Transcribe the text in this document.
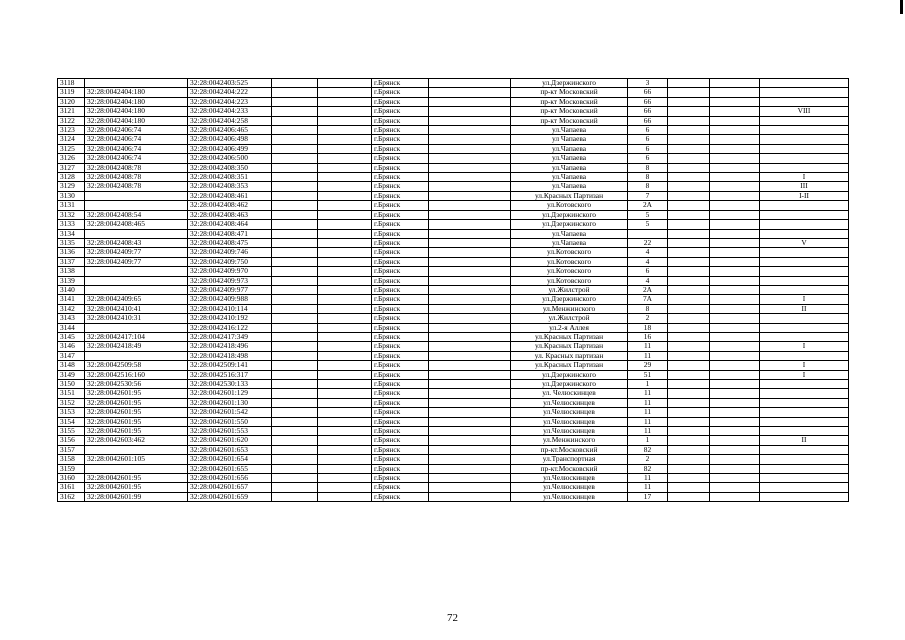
3118		32:28:0042403:525			г.Брянск		ул.Дзержинского	3			
3119	32:28:0042404:180	32:28:0042404:222			г.Брянск		пр-кт Московский	66			
3120	32:28:0042404:180	32:28:0042404:223			г.Брянск		пр-кт Московский	66			
3121	32:28:0042404:180	32:28:0042404:233			г.Брянск		пр-кт Московский	66			VIII
3122	32:28:0042404:180	32:28:0042404:258			г.Брянск		пр-кт Московский	66			
3123	32:28:0042406:74	32:28:0042406:465			г.Брянск		ул.Чапаева	6			
3124	32:28:0042406:74	32:28:0042406:498			г.Брянск		ул Чапаева	6			
3125	32:28:0042406:74	32:28:0042406:499			г.Брянск		ул.Чапаева	6			
3126	32:28:0042406:74	32:28:0042406:500			г.Брянск		ул.Чапаева	6			
3127	32:28:0042408:78	32:28:0042408:350			г.Брянск		ул.Чапаева	8			
3128	32:28:0042408:78	32:28:0042408:351			г.Брянск		ул.Чапаева	8			I
3129	32:28:0042408:78	32:28:0042408:353			г.Брянск		ул.Чапаева	8			III
3130		32:28:0042408:461			г.Брянск		ул.Красных Партизан	7			I-II
3131		32:28:0042408:462			г.Брянск		ул.Котовского	2А			
3132	32:28:0042408:54	32:28:0042408:463			г.Брянск		ул.Дзержинского	5			
3133	32:28:0042408:465	32:28:0042408:464			г.Брянск		ул.Дзержинского	5			
3134		32:28:0042408:471			г.Брянск		ул.Чапаева				
3135	32:28:0042408:43	32:28:0042408:475			г.Брянск		ул.Чапаева	22			V
3136	32:28:0042409:77	32:28:0042409:746			г.Брянск		ул.Котовского	4			
3137	32:28:0042409:77	32:28:0042409:750			г.Брянск		ул.Котовского	4			
3138		32:28:0042409:970			г.Брянск		ул.Котовского	6			
3139		32:28:0042409:973			г.Брянск		ул.Котовского	4			
3140		32:28:0042409:977			г.Брянск		ул.Жилстрой	2А			
3141	32:28:0042409:65	32:28:0042409:988			г.Брянск		ул.Дзержинского	7А			I
3142	32:28:0042410:41	32:28:0042410:114			г.Брянск		ул.Менжинского	8			II
3143	32:28:0042410:31	32:28:0042410:192			г.Брянск		ул.Жилстрой	2			
3144		32:28:0042416:122			г.Брянск		ул.2-я Аллея	18			
3145	32:28:0042417:104	32:28:0042417:349			г.Брянск		ул.Красных Партизан	16			
3146	32:28:0042418:49	32:28:0042418:496			г.Брянск		ул.Красных Партизан	11			I
3147		32:28:0042418:498			г.Брянск		ул. Красных партизан	11			
3148	32:28:0042509:58	32:28:0042509:141			г.Брянск		ул.Красных Партизан	29			I
3149	32:28:0042516:160	32:28:0042516:317			г.Брянск		ул.Дзержинского	51			I
3150	32:28:0042530:56	32:28:0042530:133			г.Брянск		ул.Дзержинского	1			
3151	32:28:0042601:95	32:28:0042601:129			г.Брянск		ул. Челюскинцев	11			
3152	32:28:0042601:95	32:28:0042601:130			г.Брянск		ул.Челюскинцев	11			
3153	32:28:0042601:95	32:28:0042601:542			г.Брянск		ул.Челюскинцев	11			
3154	32:28:0042601:95	32:28:0042601:550			г.Брянск		ул.Челюскинцев	11			
3155	32:28:0042601:95	32:28:0042601:553			г.Брянск		ул.Челюскинцев	11			
3156	32:28:0042603:462	32:28:0042601:620			г.Брянск		ул.Менжинского	1			II
3157		32:28:0042601:653			г.Брянск		пр-кт.Московский	82			
3158	32:28:0042601:105	32:28:0042601:654			г.Брянск		ул.Транспортная	2			
3159		32:28:0042601:655			г.Брянск		пр-кт.Московский	82			
3160	32:28:0042601:95	32:28:0042601:656			г.Брянск		ул.Челюскинцев	11			
3161	32:28:0042601:95	32:28:0042601:657			г.Брянск		ул.Челюскинцев	11			
3162	32:28:0042601:99	32:28:0042601:659			г.Брянск		ул.Челюскинцев	17			
72
